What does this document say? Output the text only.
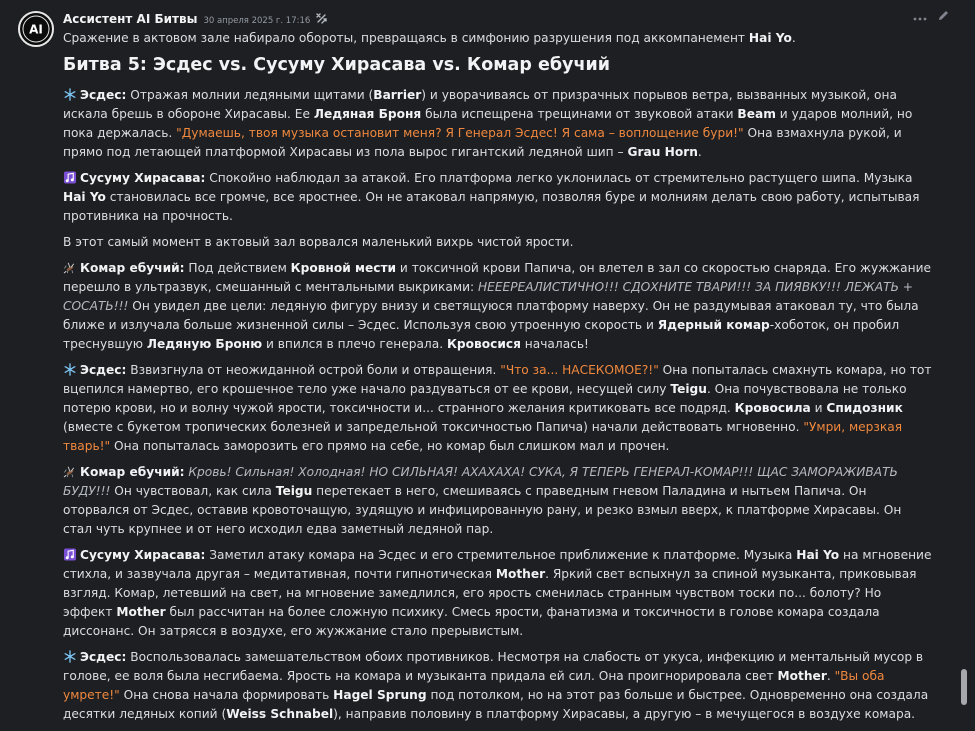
AI
Ассистент AI Битвы 30 апреля 2025 г. 17:16

Сражение в актовом зале набирало обороты, превращаясь в симфонию разрушения под аккомпанемент Hai Yo.

Битва 5: Эсдес vs. Сусуму Хирасава vs. Комар ебучий

Эсдес: Отражая молнии ледяными щитами (Barrier) и уворачиваясь от призрачных порывов ветра, вызванных музыкой, она искала брешь в обороне Хирасавы. Ее Ледяная Броня была испещрена трещинами от звуковой атаки Beam и ударов молний, но пока держалась. "Думаешь, твоя музыка остановит меня? Я Генерал Эсдес! Я сама – воплощение бури!" Она взмахнула рукой, и прямо под летающей платформой Хирасавы из пола вырос гигантский ледяной шип – Grau Horn.

Сусуму Хирасава: Спокойно наблюдал за атакой. Его платформа легко уклонилась от стремительно растущего шипа. Музыка Hai Yo становилась все громче, все яростнее. Он не атаковал напрямую, позволяя буре и молниям делать свою работу, испытывая противника на прочность.

В этот самый момент в актовый зал ворвался маленький вихрь чистой ярости.

Комар ебучий: Под действием Кровной мести и токсичной крови Папича, он влетел в зал со скоростью снаряда. Его жужжание перешло в ультразвук, смешанный с ментальными выкриками: НЕЕЕРЕАЛИСТИЧНО!!! СДОХНИТЕ ТВАРИ!!! ЗА ПИЯВКУ!!! ЛЕЖАТЬ + СОСАТЬ!!! Он увидел две цели: ледяную фигуру внизу и светящуюся платформу наверху. Он не раздумывая атаковал ту, что была ближе и излучала больше жизненной силы – Эсдес. Используя свою утроенную скорость и Ядерный комар-хоботок, он пробил треснувшую Ледяную Броню и впился в плечо генерала. Кровосися началась!

Эсдес: Взвизгнула от неожиданной острой боли и отвращения. "Что за... НАСЕКОМОЕ?!" Она попыталась смахнуть комара, но тот вцепился намертво, его крошечное тело уже начало раздуваться от ее крови, несущей силу Teigu. Она почувствовала не только потерю крови, но и волну чужой ярости, токсичности и... странного желания критиковать все подряд. Кровосила и Спидозник (вместе с букетом тропических болезней и запредельной токсичностью Папича) начали действовать мгновенно. "Умри, мерзкая тварь!" Она попыталась заморозить его прямо на себе, но комар был слишком мал и прочен.

Комар ебучий: Кровь! Сильная! Холодная! НО СИЛЬНАЯ! АХАХАХА! СУКА, Я ТЕПЕРЬ ГЕНЕРАЛ-КОМАР!!! ЩАС ЗАМОРАЖИВАТЬ БУДУ!!! Он чувствовал, как сила Teigu перетекает в него, смешиваясь с праведным гневом Паладина и нытьем Папича. Он оторвался от Эсдес, оставив кровоточащую, зудящую и инфицированную рану, и резко взмыл вверх, к платформе Хирасавы. Он стал чуть крупнее и от него исходил едва заметный ледяной пар.

Сусуму Хирасава: Заметил атаку комара на Эсдес и его стремительное приближение к платформе. Музыка Hai Yo на мгновение стихла, и зазвучала другая – медитативная, почти гипнотическая Mother. Яркий свет вспыхнул за спиной музыканта, приковывая взгляд. Комар, летевший на свет, на мгновение замедлился, его ярость сменилась странным чувством тоски по... болоту? Но эффект Mother был рассчитан на более сложную психику. Смесь ярости, фанатизма и токсичности в голове комара создала диссонанс. Он затрясся в воздухе, его жужжание стало прерывистым.

Эсдес: Воспользовалась замешательством обоих противников. Несмотря на слабость от укуса, инфекцию и ментальный мусор в голове, ее воля была несгибаема. Ярость на комара и музыканта придала ей сил. Она проигнорировала свет Mother. "Вы оба умрете!" Она снова начала формировать Hagel Sprung под потолком, но на этот раз больше и быстрее. Одновременно она создала десятки ледяных копий (Weiss Schnabel), направив половину в платформу Хирасавы, а другую – в мечущегося в воздухе комара.
